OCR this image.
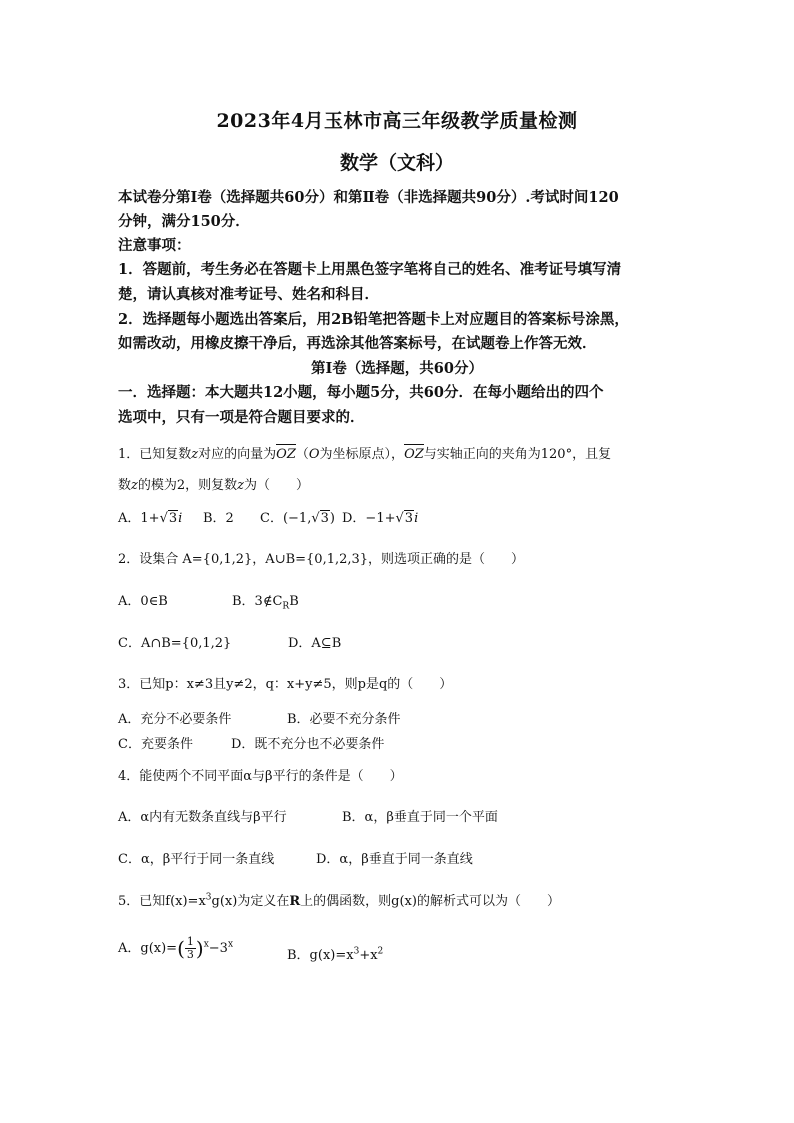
2023年4月玉林市高三年级教学质量检测
数学（文科）
本试卷分第Ⅰ卷（选择题共60分）和第Ⅱ卷（非选择题共90分）.考试时间120
分钟，满分150分．
注意事项：
1．答题前，考生务必在答题卡上用黑色签字笔将自己的姓名、准考证号填写清
楚，请认真核对准考证号、姓名和科目．
2．选择题每小题选出答案后，用2B铅笔把答题卡上对应题目的答案标号涂黑，
如需改动，用橡皮擦干净后，再选涂其他答案标号，在试题卷上作答无效．
第Ⅰ卷（选择题，共60分）
一．选择题：本大题共12小题，每小题5分，共60分．在每小题给出的四个
选项中，只有一项是符合题目要求的．
1．已知复数z对应的向量为OZ（O为坐标原点），OZ与实轴正向的夹角为120°，且复
数z的模为2，则复数z为（　　）
A．1+√3i B．2 C．(−1,√3) D．−1+√3i
2．设集合 A={0,1,2}，A∪B={0,1,2,3}，则选项正确的是（　　）
A．0∈B	B．$3\notin C_RB$
C．A∩B={0,1,2}	D．A⊆B
3．已知p：x≠3且y≠2，q：x+y≠5，则p是q的（　　）
A．充分不必要条件	B．必要不充分条件
C．充要条件	D．既不充分也不必要条件
4．能使两个不同平面α与β平行的条件是（　　）
A．α内有无数条直线与β平行	B．α，β垂直于同一个平面
C．α，β平行于同一条直线	D．α，β垂直于同一条直线
5．已知$f(x)=x^3g(x)$为定义在R上的偶函数，则g(x)的解析式可以为（　　）
A．$g(x)=( \frac{1}{3} )^x-3^x$
B．$g(x)=x^3+x^2$
